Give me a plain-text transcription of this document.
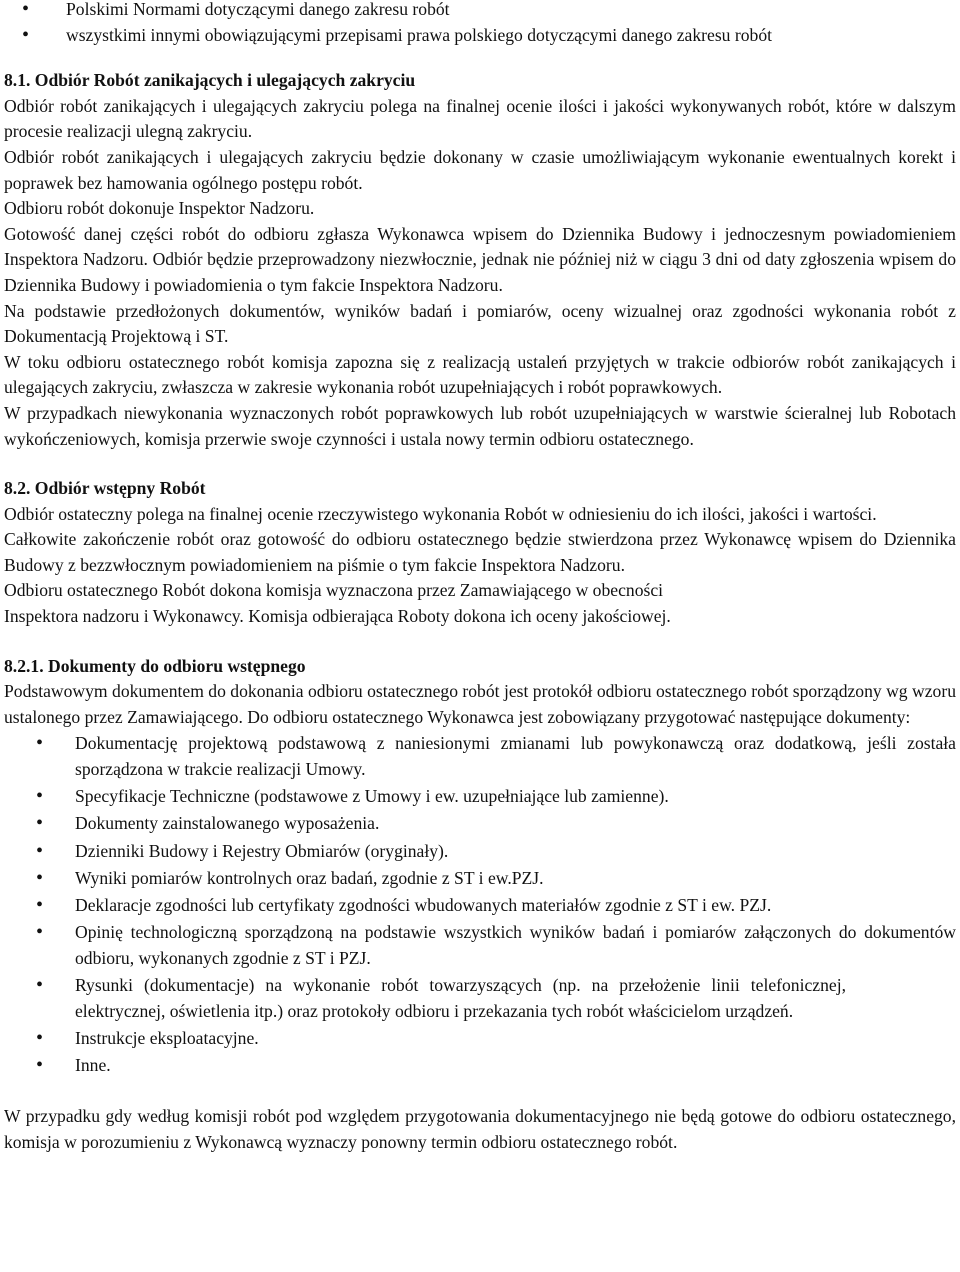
• Polskimi Normami dotyczącymi danego zakresu robót
• wszystkimi innymi obowiązującymi przepisami prawa polskiego dotyczącymi danego zakresu robót
8.1. Odbiór Robót zanikających i ulegających zakryciu

Odbiór robót zanikających i ulegających zakryciu polega na finalnej ocenie ilości i jakości wykonywanych robót, które w dalszym procesie realizacji ulegną zakryciu.

Odbiór robót zanikających i ulegających zakryciu będzie dokonany w czasie umożliwiającym wykonanie ewentualnych korekt i poprawek bez hamowania ogólnego postępu robót.

Odbioru robót dokonuje Inspektor Nadzoru.

Gotowość danej części robót do odbioru zgłasza Wykonawca wpisem do Dziennika Budowy i jednoczesnym powiadomieniem Inspektora Nadzoru. Odbiór będzie przeprowadzony niezwłocznie, jednak nie później niż w ciągu 3 dni od daty zgłoszenia wpisem do Dziennika Budowy i powiadomienia o tym fakcie Inspektora Nadzoru.

Na podstawie przedłożonych dokumentów, wyników badań i pomiarów, oceny wizualnej oraz zgodności wykonania robót z Dokumentacją Projektową i ST.

W toku odbioru ostatecznego robót komisja zapozna się z realizacją ustaleń przyjętych w trakcie odbiorów robót zanikających i ulegających zakryciu, zwłaszcza w zakresie wykonania robót uzupełniających i robót poprawkowych.

W przypadkach niewykonania wyznaczonych robót poprawkowych lub robót uzupełniających w warstwie ścieralnej lub Robotach wykończeniowych, komisja przerwie swoje czynności i ustala nowy termin odbioru ostatecznego.

8.2. Odbiór wstępny Robót

Odbiór ostateczny polega na finalnej ocenie rzeczywistego wykonania Robót w odniesieniu do ich ilości, jakości i wartości.

Całkowite zakończenie robót oraz gotowość do odbioru ostatecznego będzie stwierdzona przez Wykonawcę wpisem do Dziennika Budowy z bezzwłocznym powiadomieniem na piśmie o tym fakcie Inspektora Nadzoru.

Odbioru ostatecznego Robót dokona komisja wyznaczona przez Zamawiającego w obecności

Inspektora nadzoru i Wykonawcy. Komisja odbierająca Roboty dokona ich oceny jakościowej.

8.2.1. Dokumenty do odbioru wstępnego

Podstawowym dokumentem do dokonania odbioru ostatecznego robót jest protokół odbioru ostatecznego robót sporządzony wg wzoru ustalonego przez Zamawiającego. Do odbioru ostatecznego Wykonawca jest zobowiązany przygotować następujące dokumenty:

• Dokumentację projektową podstawową z naniesionymi zmianami lub powykonawczą oraz dodatkową, jeśli została sporządzona w trakcie realizacji Umowy.
• Specyfikacje Techniczne (podstawowe z Umowy i ew. uzupełniające lub zamienne).
• Dokumenty zainstalowanego wyposażenia.
• Dzienniki Budowy i Rejestry Obmiarów (oryginały).
• Wyniki pomiarów kontrolnych oraz badań, zgodnie z ST i ew.PZJ.
• Deklaracje zgodności lub certyfikaty zgodności wbudowanych materiałów zgodnie z ST i ew. PZJ.
• Opinię technologiczną sporządzoną na podstawie wszystkich wyników badań i pomiarów załączonych do dokumentów odbioru, wykonanych zgodnie z ST i PZJ.
• Rysunki (dokumentacje) na wykonanie robót towarzyszących (np. na przełożenie linii telefonicznej, elektrycznej, oświetlenia itp.) oraz protokoły odbioru i przekazania tych robót właścicielom urządzeń.
• Instrukcje eksploatacyjne.
• Inne.

W przypadku gdy według komisji robót pod względem przygotowania dokumentacyjnego nie będą gotowe do odbioru ostatecznego, komisja w porozumieniu z Wykonawcą wyznaczy ponowny termin odbioru ostatecznego robót.
